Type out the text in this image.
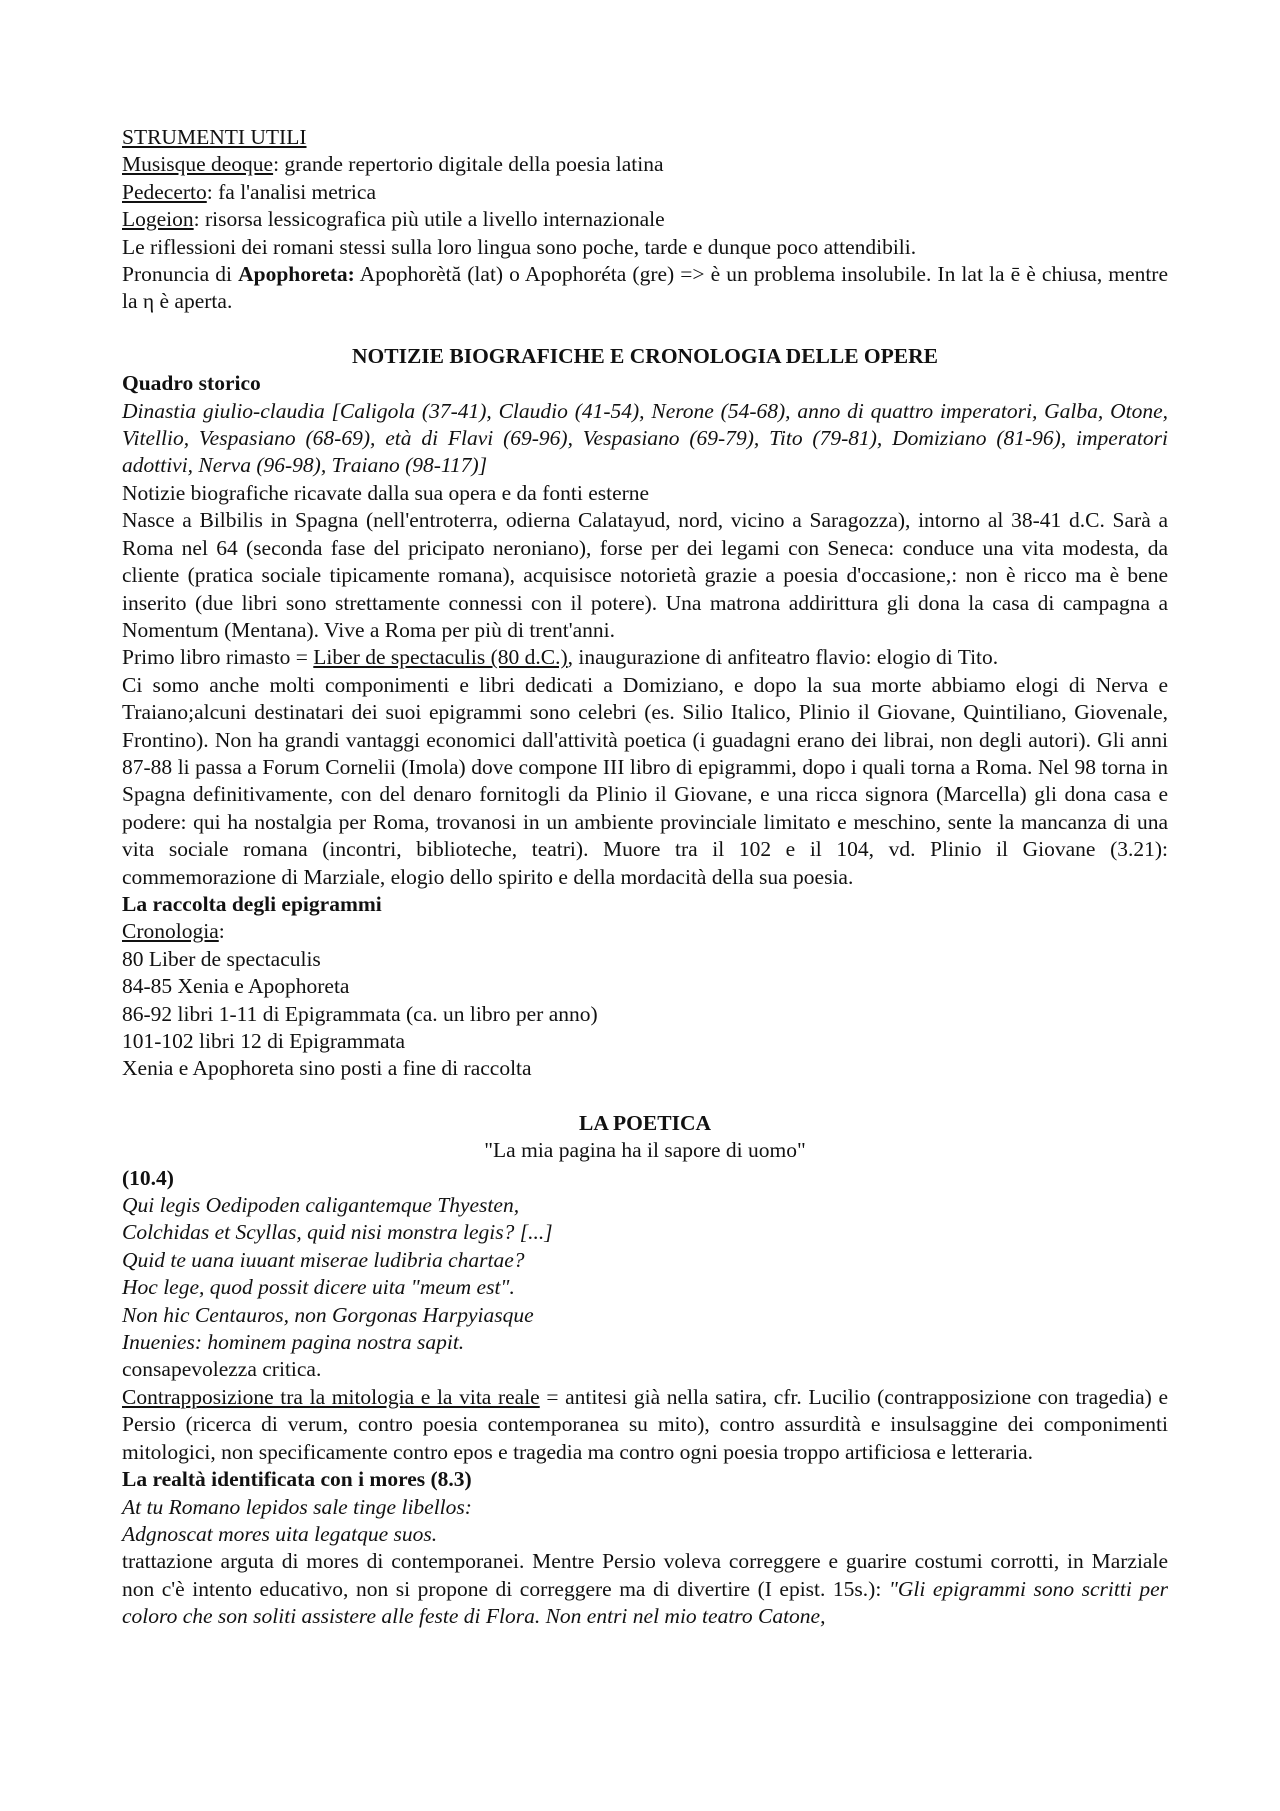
STRUMENTI UTILI

Musisque deoque: grande repertorio digitale della poesia latina

Pedecerto: fa l'analisi metrica

Logeion: risorsa lessicografica più utile a livello internazionale

Le riflessioni dei romani stessi sulla loro lingua sono poche, tarde e dunque poco attendibili.

Pronuncia di Apophoreta: Apophorètă (lat) o Apophoréta (gre) => è un problema insolubile. In lat la ē è chiusa, mentre la η è aperta.

NOTIZIE BIOGRAFICHE E CRONOLOGIA DELLE OPERE

Quadro storico

Dinastia giulio-claudia [Caligola (37-41), Claudio (41-54), Nerone (54-68), anno di quattro imperatori, Galba, Otone, Vitellio, Vespasiano (68-69), età di Flavi (69-96), Vespasiano (69-79), Tito (79-81), Domiziano (81-96), imperatori adottivi, Nerva (96-98), Traiano (98-117)]

Notizie biografiche ricavate dalla sua opera e da fonti esterne

Nasce a Bilbilis in Spagna (nell'entroterra, odierna Calatayud, nord, vicino a Saragozza), intorno al 38-41 d.C. Sarà a Roma nel 64 (seconda fase del pricipato neroniano), forse per dei legami con Seneca: conduce una vita modesta, da cliente (pratica sociale tipicamente romana), acquisisce notorietà grazie a poesia d'occasione,: non è ricco ma è bene inserito (due libri sono strettamente connessi con il potere). Una matrona addirittura gli dona la casa di campagna a Nomentum (Mentana). Vive a Roma per più di trent'anni.

Primo libro rimasto = Liber de spectaculis (80 d.C.), inaugurazione di anfiteatro flavio: elogio di Tito.

Ci somo anche molti componimenti e libri dedicati a Domiziano, e dopo la sua morte abbiamo elogi di Nerva e Traiano;alcuni destinatari dei suoi epigrammi sono celebri (es. Silio Italico, Plinio il Giovane, Quintiliano, Giovenale, Frontino). Non ha grandi vantaggi economici dall'attività poetica (i guadagni erano dei librai, non degli autori). Gli anni 87-88 li passa a Forum Cornelii (Imola) dove compone III libro di epigrammi, dopo i quali torna a Roma. Nel 98 torna in Spagna definitivamente, con del denaro fornitogli da Plinio il Giovane, e una ricca signora (Marcella) gli dona casa e podere: qui ha nostalgia per Roma, trovanosi in un ambiente provinciale limitato e meschino, sente la mancanza di una vita sociale romana (incontri, biblioteche, teatri). Muore tra il 102 e il 104, vd. Plinio il Giovane (3.21): commemorazione di Marziale, elogio dello spirito e della mordacità della sua poesia.

La raccolta degli epigrammi

Cronologia:

80 Liber de spectaculis

84-85 Xenia e Apophoreta

86-92 libri 1-11 di Epigrammata (ca. un libro per anno)

101-102 libri 12 di Epigrammata

Xenia e Apophoreta sino posti a fine di raccolta

LA POETICA

"La mia pagina ha il sapore di uomo"

(10.4)

Qui legis Oedipoden caligantemque Thyesten,

Colchidas et Scyllas, quid nisi monstra legis? [...]

Quid te uana iuuant miserae ludibria chartae?

Hoc lege, quod possit dicere uita "meum est".

Non hic Centauros, non Gorgonas Harpyiasque

Inuenies: hominem pagina nostra sapit.

consapevolezza critica.

Contrapposizione tra la mitologia e la vita reale = antitesi già nella satira, cfr. Lucilio (contrapposizione con tragedia) e Persio (ricerca di verum, contro poesia contemporanea su mito), contro assurdità e insulsaggine dei componimenti mitologici, non specificamente contro epos e tragedia ma contro ogni poesia troppo artificiosa e letteraria.

La realtà identificata con i mores (8.3)

At tu Romano lepidos sale tinge libellos:

Adgnoscat mores uita legatque suos.

trattazione arguta di mores di contemporanei. Mentre Persio voleva correggere e guarire costumi corrotti, in Marziale non c'è intento educativo, non si propone di correggere ma di divertire (I epist. 15s.): "Gli epigrammi sono scritti per coloro che son soliti assistere alle feste di Flora. Non entri nel mio teatro Catone,
